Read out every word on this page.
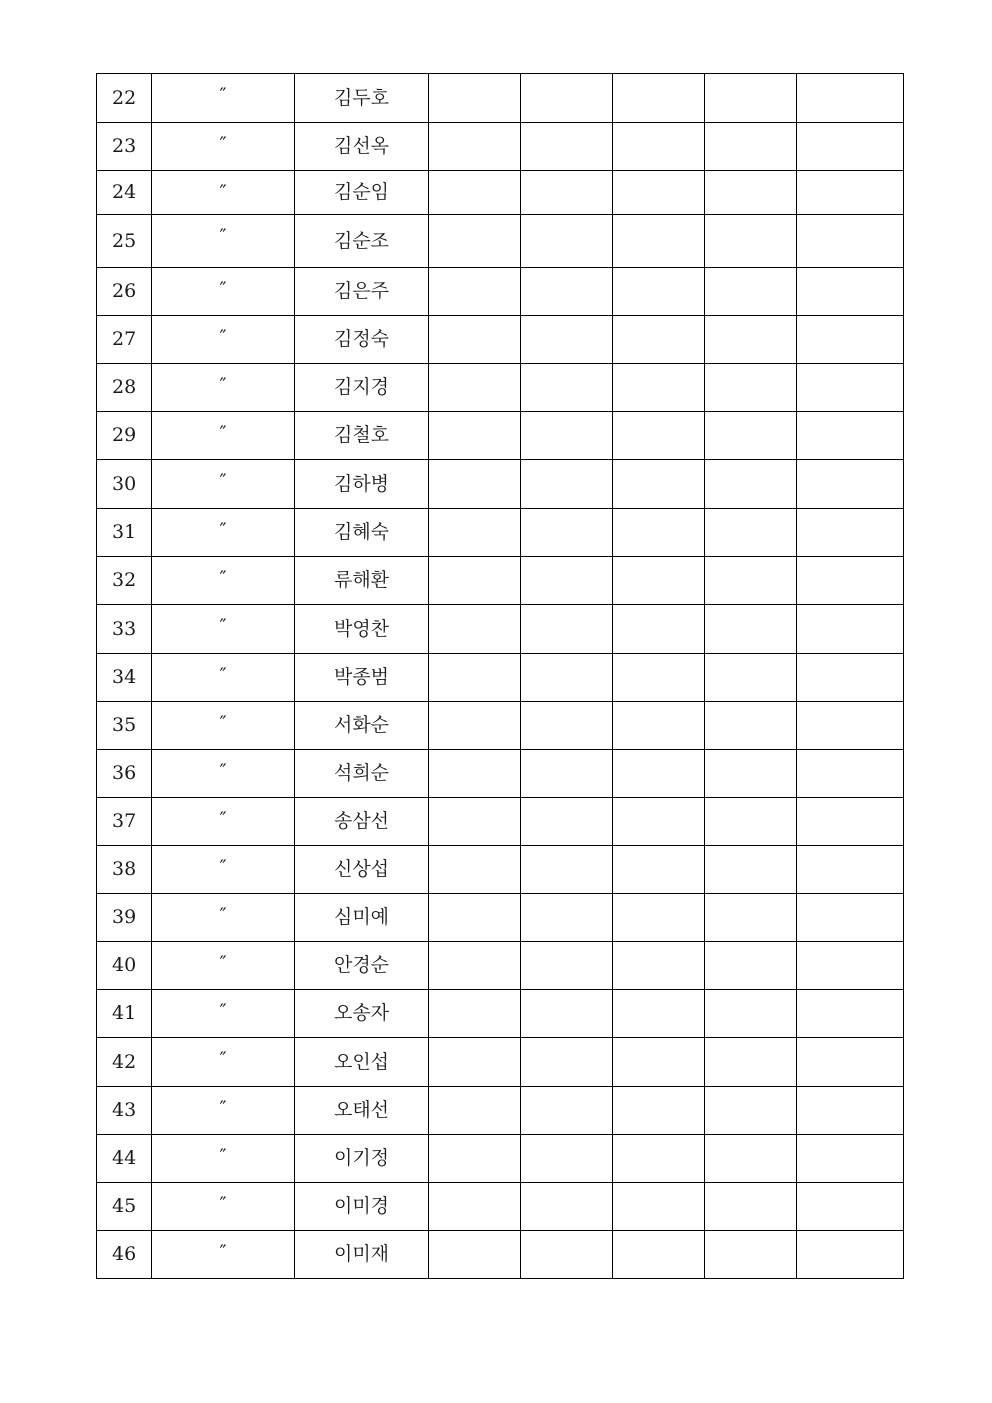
22	″	김두호					
23	″	김선옥					
24	″	김순임					
25	″	김순조					
26	″	김은주					
27	″	김정숙					
28	″	김지경					
29	″	김철호					
30	″	김하병					
31	″	김혜숙					
32	″	류해환					
33	″	박영찬					
34	″	박종범					
35	″	서화순					
36	″	석희순					
37	″	송삼선					
38	″	신상섭					
39	″	심미예					
40	″	안경순					
41	″	오송자					
42	″	오인섭					
43	″	오태선					
44	″	이기정					
45	″	이미경					
46	″	이미재					
